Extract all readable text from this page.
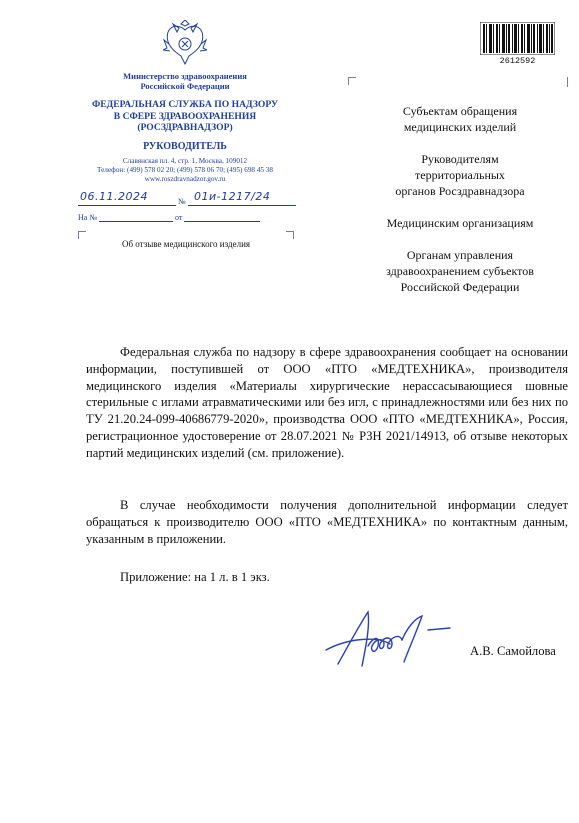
Министерство здравоохранения
Российской Федерации
ФЕДЕРАЛЬНАЯ СЛУЖБА ПО НАДЗОРУ
В СФЕРЕ ЗДРАВООХРАНЕНИЯ
(РОСЗДРАВНАДЗОР)
РУКОВОДИТЕЛЬ
Славянская пл. 4, стр. 1, Москва, 109012
Телефон: (499) 578 02 20; (499) 578 06 70; (495) 698 45 38
www.roszdravnadzor.gov.ru
№
06.11.2024	01и-1217/24
На №	от
Об отзыве медицинского изделия
2612592
Субъектам обращения
медицинских изделий
Руководителям
территориальных
органов Росздравнадзора
Медицинским организациям
Органам управления
здравоохранением субъектов
Российской Федерации

Федеральная служба по надзору в сфере здравоохранения сообщает на основании информации, поступившей от ООО «ПТО «МЕДТЕХНИКА», производителя медицинского изделия «Материалы хирургические нерассасывающиеся шовные стерильные с иглами атравматическими или без игл, с принадлежностями или без них по ТУ 21.20.24-099-40686779-2020», производства ООО «ПТО «МЕДТЕХНИКА», Россия, регистрационное удостоверение от 28.07.2021 № РЗН 2021/14913, об отзыве некоторых партий медицинских изделий (см. приложение).

В случае необходимости получения дополнительной информации следует обращаться к производителю ООО «ПТО «МЕДТЕХНИКА» по контактным данным, указанным в приложении.

Приложение: на 1 л. в 1 экз.
А.В. Самойлова
